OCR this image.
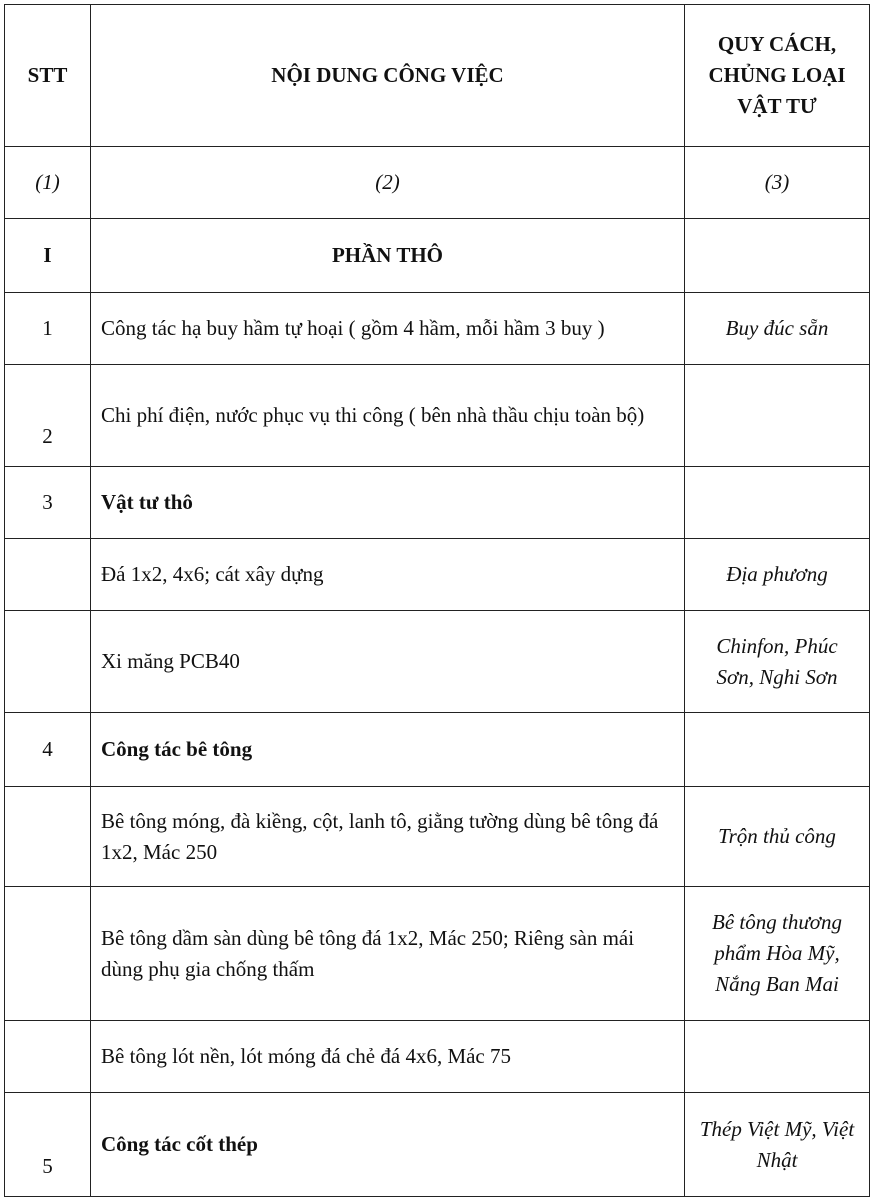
STT	NỘI DUNG CÔNG VIỆC	QUY CÁCH, CHỦNG LOẠI VẬT TƯ
(1)	(2)	(3)
I	PHẦN THÔ	
1	Công tác hạ buy hầm tự hoại ( gồm 4 hầm, mỗi hầm 3 buy )	Buy đúc sẵn
2	Chi phí điện, nước phục vụ thi công ( bên nhà thầu chịu toàn bộ)	
3	Vật tư thô	
	Đá 1x2, 4x6; cát xây dựng	Địa phương
	Xi măng PCB40	Chinfon, Phúc Sơn, Nghi Sơn
4	Công tác bê tông	
	Bê tông móng, đà kiềng, cột, lanh tô, giằng tường dùng bê tông đá 1x2, Mác 250	Trộn thủ công
	Bê tông dầm sàn dùng bê tông đá 1x2, Mác 250; Riêng sàn mái dùng phụ gia chống thấm	Bê tông thương phẩm Hòa Mỹ, Nắng Ban Mai
	Bê tông lót nền, lót móng đá chẻ đá 4x6, Mác 75	
5	Công tác cốt thép	Thép Việt Mỹ, Việt Nhật
